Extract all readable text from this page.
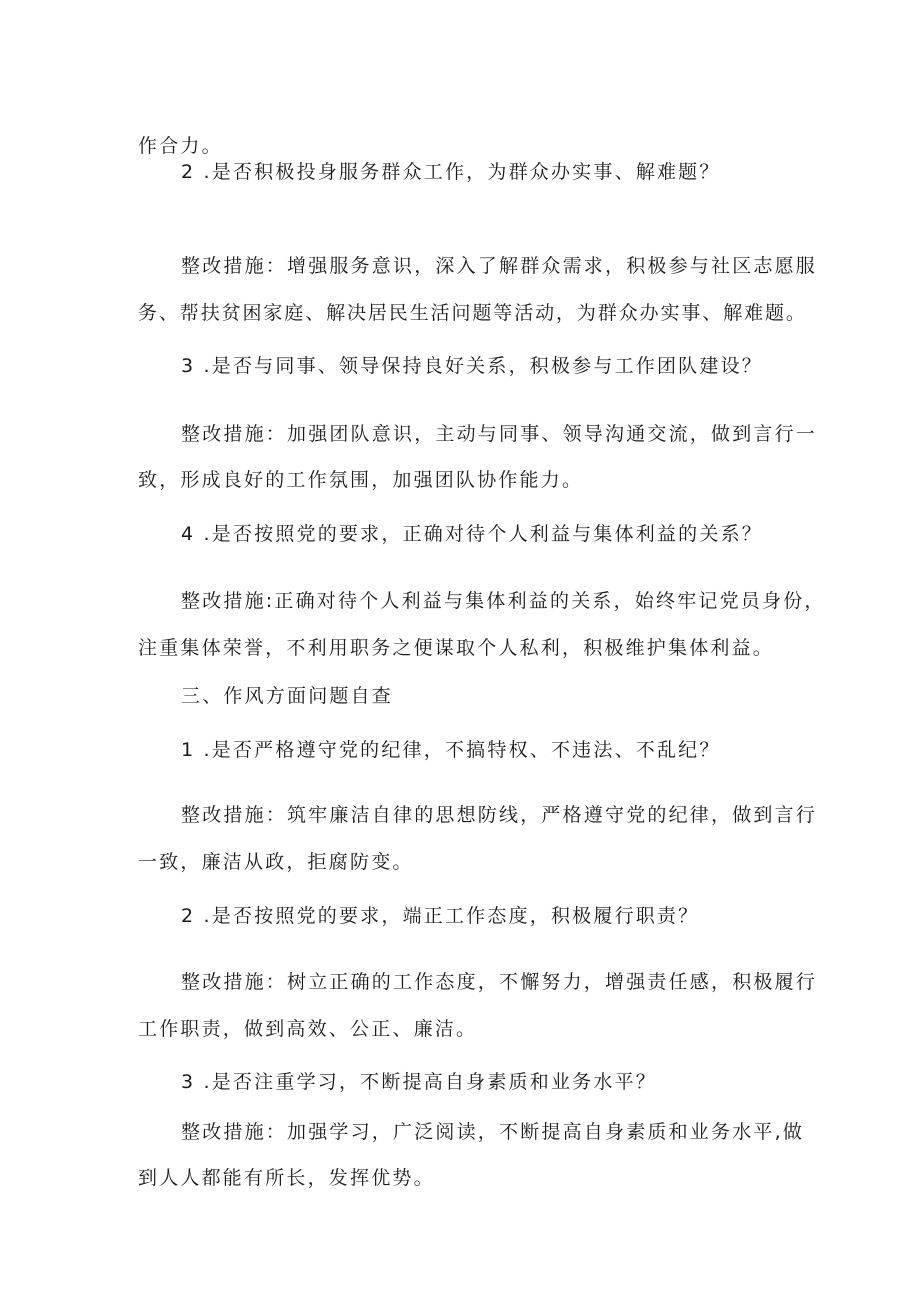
作合力。
2 .是否积极投身服务群众工作，为群众办实事、解难题？
整改措施：增强服务意识，深入了解群众需求，积极参与社区志愿服
务、帮扶贫困家庭、解决居民生活问题等活动，为群众办实事、解难题。
3 .是否与同事、领导保持良好关系，积极参与工作团队建设？
整改措施：加强团队意识，主动与同事、领导沟通交流，做到言行一
致，形成良好的工作氛围，加强团队协作能力。
4 .是否按照党的要求，正确对待个人利益与集体利益的关系？
整改措施:正确对待个人利益与集体利益的关系，始终牢记党员身份，
注重集体荣誉，不利用职务之便谋取个人私利，积极维护集体利益。
三、作风方面问题自查
1 .是否严格遵守党的纪律，不搞特权、不违法、不乱纪？
整改措施：筑牢廉洁自律的思想防线，严格遵守党的纪律，做到言行
一致，廉洁从政，拒腐防变。
2 .是否按照党的要求，端正工作态度，积极履行职责？
整改措施：树立正确的工作态度，不懈努力，增强责任感，积极履行
工作职责，做到高效、公正、廉洁。
3 .是否注重学习，不断提高自身素质和业务水平？
整改措施：加强学习，广泛阅读，不断提高自身素质和业务水平,做
到人人都能有所长，发挥优势。
